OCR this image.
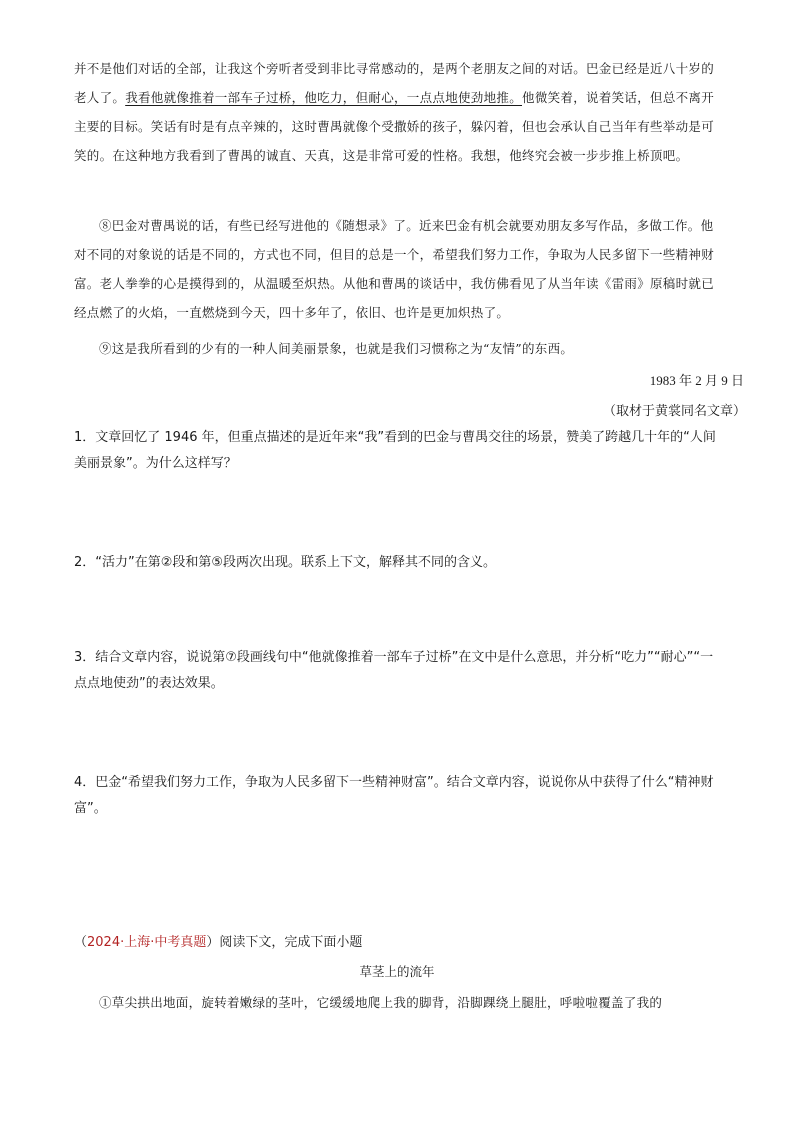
并不是他们对话的全部，让我这个旁听者受到非比寻常感动的，是两个老朋友之间的对话。巴金已经是近八十岁的老人了。我看他就像推着一部车子过桥，他吃力，但耐心，一点点地使劲地推。他微笑着，说着笑话，但总不离开主要的目标。笑话有时是有点辛辣的，这时曹禺就像个受撒娇的孩子，躲闪着，但也会承认自己当年有些举动是可笑的。在这种地方我看到了曹禺的诚直、天真，这是非常可爱的性格。我想，他终究会被一步步推上桥顶吧。
⑧巴金对曹禺说的话，有些已经写进他的《随想录》了。近来巴金有机会就要劝朋友多写作品，多做工作。他对不同的对象说的话是不同的，方式也不同，但目的总是一个，希望我们努力工作，争取为人民多留下一些精神财富。老人拳拳的心是摸得到的，从温暖至炽热。从他和曹禺的谈话中，我仿佛看见了从当年读《雷雨》原稿时就已经点燃了的火焰，一直燃烧到今天，四十多年了，依旧、也许是更加炽热了。
⑨这是我所看到的少有的一种人间美丽景象，也就是我们习惯称之为“友情”的东西。
1983 年 2 月 9 日
（取材于黄裳同名文章）
1．文章回忆了 1946 年，但重点描述的是近年来“我”看到的巴金与曹禺交往的场景，赞美了跨越几十年的“人间美丽景象”。为什么这样写？
2．“活力”在第②段和第⑤段两次出现。联系上下文，解释其不同的含义。
3．结合文章内容，说说第⑦段画线句中“他就像推着一部车子过桥”在文中是什么意思，并分析“吃力”“耐心”“一点点地使劲”的表达效果。
4．巴金“希望我们努力工作，争取为人民多留下一些精神财富”。结合文章内容，说说你从中获得了什么“精神财富”。
（2024·上海·中考真题）阅读下文，完成下面小题
草茎上的流年
①草尖拱出地面，旋转着嫩绿的茎叶，它缓缓地爬上我的脚背，沿脚踝绕上腿肚，呼啦啦覆盖了我的
